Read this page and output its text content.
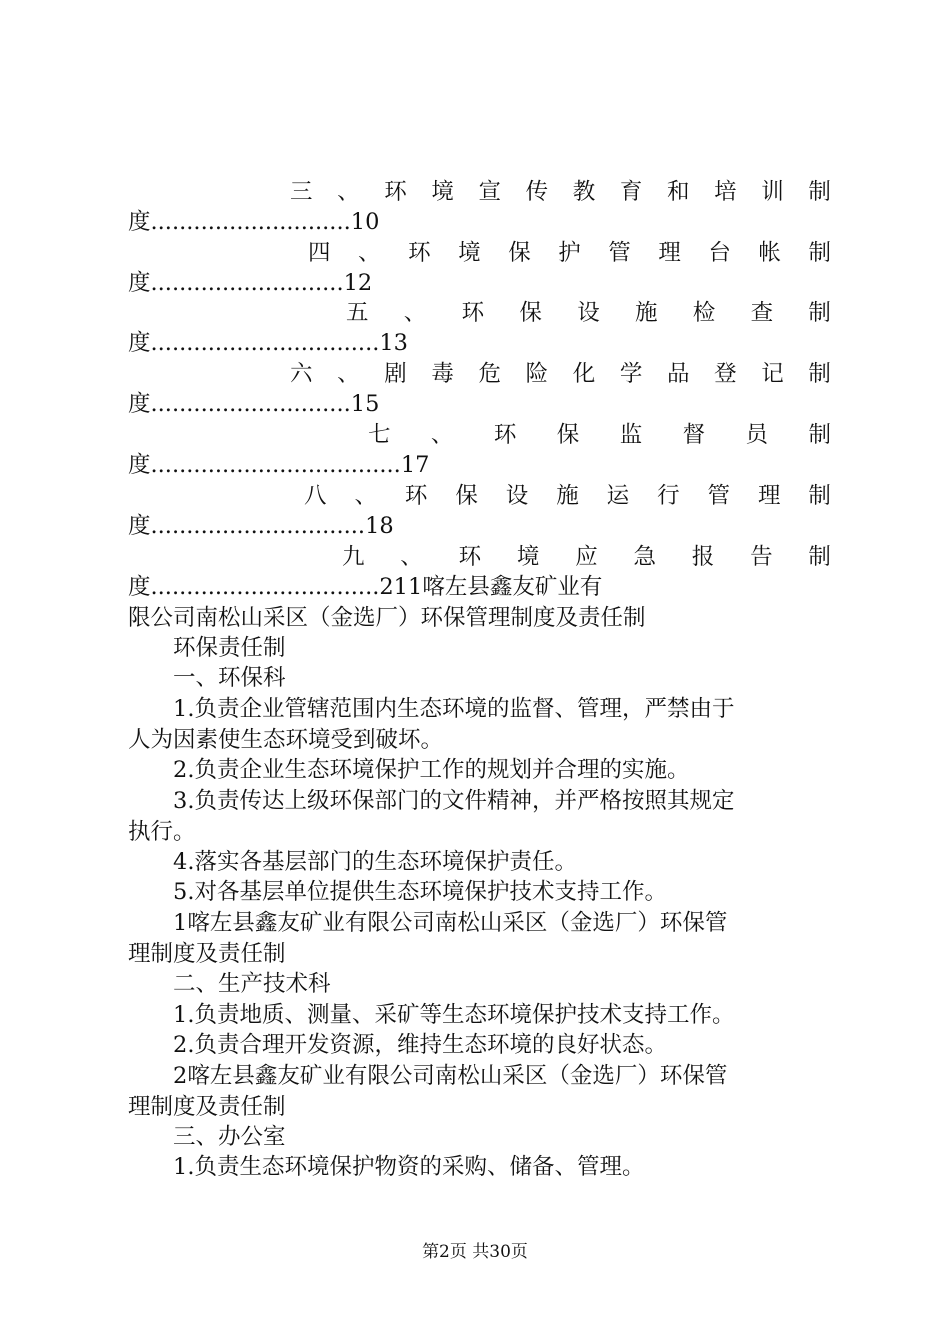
三 、 环 境 宣 传 教 育 和 培 训 制
度............................10
四 、 环 境 保 护 管 理 台 帐 制
度...........................12
五 、 环 保 设 施 检 查 制
度................................13
六 、 剧 毒 危 险 化 学 品 登 记 制
度............................15
七 、 环 保 监 督 员 制
度...................................17
八 、 环 保 设 施 运 行 管 理 制
度..............................18
九 、 环 境 应 急 报 告 制
度................................211喀左县鑫友矿业有
限公司南松山采区（金选厂）环保管理制度及责任制
　　环保责任制
　　一、环保科
　　1.负责企业管辖范围内生态环境的监督、管理，严禁由于
人为因素使生态环境受到破坏。
　　2.负责企业生态环境保护工作的规划并合理的实施。
　　3.负责传达上级环保部门的文件精神，并严格按照其规定
执行。
　　4.落实各基层部门的生态环境保护责任。
　　5.对各基层单位提供生态环境保护技术支持工作。
　　1喀左县鑫友矿业有限公司南松山采区（金选厂）环保管
理制度及责任制
　　二、生产技术科
　　1.负责地质、测量、采矿等生态环境保护技术支持工作。
　　2.负责合理开发资源，维持生态环境的良好状态。
　　2喀左县鑫友矿业有限公司南松山采区（金选厂）环保管
理制度及责任制
　　三、办公室
　　1.负责生态环境保护物资的采购、储备、管理。
第2页 共30页
